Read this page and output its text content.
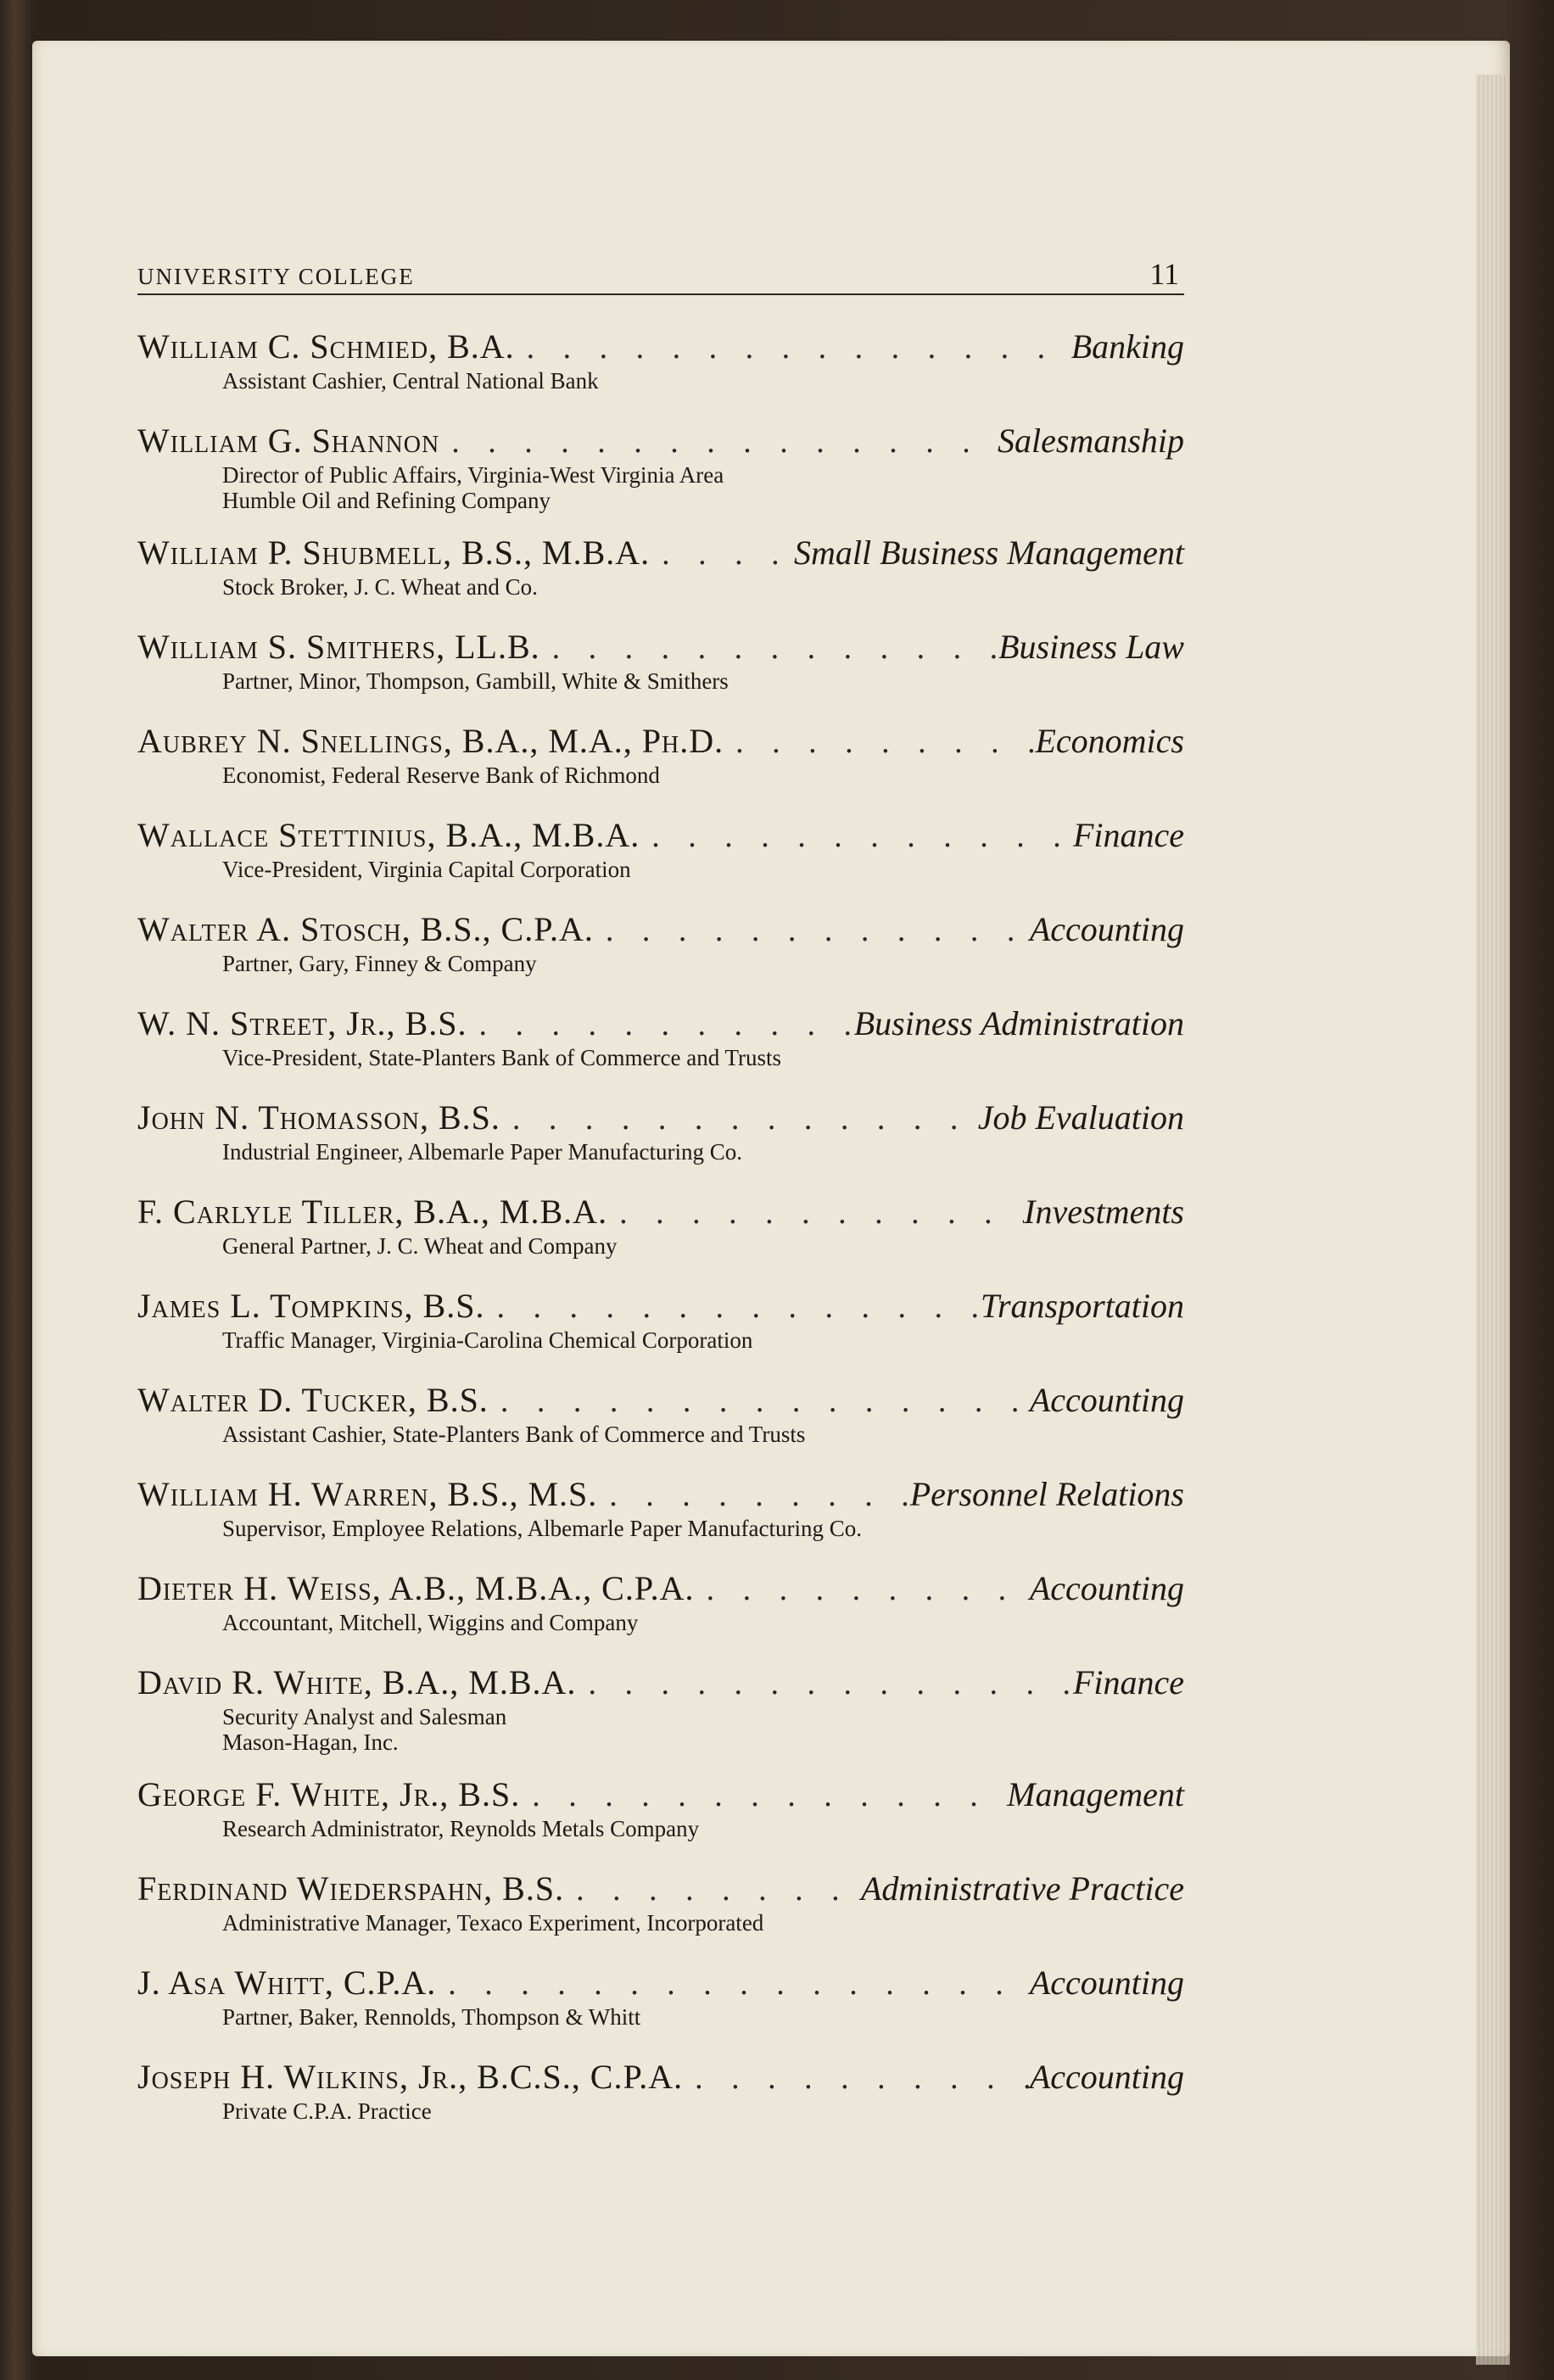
UNIVERSITY COLLEGE	11
William C. Schmied, B.A. . . .	Banking
Assistant Cashier, Central National Bank
William G. Shannon . . .	Salesmanship
Director of Public Affairs, Virginia-West Virginia Area
Humble Oil and Refining Company
William P. Shubmell, B.S., M.B.A. . . .	Small Business Management
Stock Broker, J. C. Wheat and Co.
William S. Smithers, LL.B. . . .	Business Law
Partner, Minor, Thompson, Gambill, White & Smithers
Aubrey N. Snellings, B.A., M.A., Ph.D. . . .	Economics
Economist, Federal Reserve Bank of Richmond
Wallace Stettinius, B.A., M.B.A. . . .	Finance
Vice-President, Virginia Capital Corporation
Walter A. Stosch, B.S., C.P.A. . . .	Accounting
Partner, Gary, Finney & Company
W. N. Street, Jr., B.S. . . .	Business Administration
Vice-President, State-Planters Bank of Commerce and Trusts
John N. Thomasson, B.S. . . .	Job Evaluation
Industrial Engineer, Albemarle Paper Manufacturing Co.
F. Carlyle Tiller, B.A., M.B.A. . . .	Investments
General Partner, J. C. Wheat and Company
James L. Tompkins, B.S. . . .	Transportation
Traffic Manager, Virginia-Carolina Chemical Corporation
Walter D. Tucker, B.S. . . .	Accounting
Assistant Cashier, State-Planters Bank of Commerce and Trusts
William H. Warren, B.S., M.S. . . .	Personnel Relations
Supervisor, Employee Relations, Albemarle Paper Manufacturing Co.
Dieter H. Weiss, A.B., M.B.A., C.P.A. . . .	Accounting
Accountant, Mitchell, Wiggins and Company
David R. White, B.A., M.B.A. . . .	Finance
Security Analyst and Salesman
Mason-Hagan, Inc.
George F. White, Jr., B.S. . . .	Management
Research Administrator, Reynolds Metals Company
Ferdinand Wiederspahn, B.S. . . .	Administrative Practice
Administrative Manager, Texaco Experiment, Incorporated
J. Asa Whitt, C.P.A. . . .	Accounting
Partner, Baker, Rennolds, Thompson & Whitt
Joseph H. Wilkins, Jr., B.C.S., C.P.A. . . .	Accounting
Private C.P.A. Practice
